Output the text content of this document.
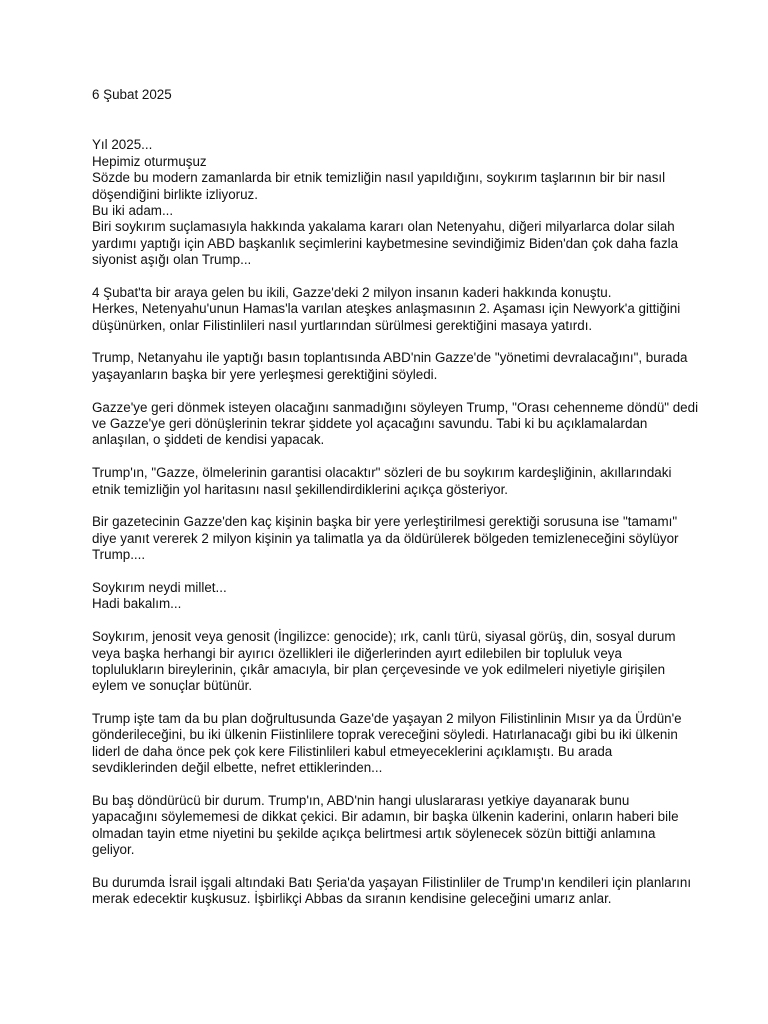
6 Şubat 2025
Yıl 2025...
Hepimiz oturmuşuz
Sözde bu modern zamanlarda bir etnik temizliğin nasıl yapıldığını, soykırım taşlarının bir bir nasıl
döşendiğini birlikte izliyoruz.
Bu iki adam...
Biri soykırım suçlamasıyla hakkında yakalama kararı olan Netenyahu, diğeri milyarlarca dolar silah
yardımı yaptığı için ABD başkanlık seçimlerini kaybetmesine sevindiğimiz Biden'dan çok daha fazla
siyonist aşığı olan Trump...
4 Şubat'ta bir araya gelen bu ikili, Gazze'deki 2 milyon insanın kaderi hakkında konuştu.
Herkes, Netenyahu'unun Hamas'la varılan ateşkes anlaşmasının 2. Aşaması için Newyork'a gittiğini
düşünürken, onlar Filistinlileri nasıl yurtlarından sürülmesi gerektiğini masaya yatırdı.
Trump, Netanyahu ile yaptığı basın toplantısında ABD'nin Gazze'de "yönetimi devralacağını", burada
yaşayanların başka bir yere yerleşmesi gerektiğini söyledi.
Gazze'ye geri dönmek isteyen olacağını sanmadığını söyleyen Trump, "Orası cehenneme döndü" dedi
ve Gazze'ye geri dönüşlerinin tekrar şiddete yol açacağını savundu. Tabi ki bu açıklamalardan
anlaşılan, o şiddeti de kendisi yapacak.
Trump'ın, "Gazze, ölmelerinin garantisi olacaktır" sözleri de bu soykırım kardeşliğinin, akıllarındaki
etnik temizliğin yol haritasını nasıl şekillendirdiklerini açıkça gösteriyor.
Bir gazetecinin Gazze'den kaç kişinin başka bir yere yerleştirilmesi gerektiği sorusuna ise "tamamı"
diye yanıt vererek 2 milyon kişinin ya talimatla ya da öldürülerek bölgeden temizleneceğini söylüyor
Trump....
Soykırım neydi millet...
Hadi bakalım...
Soykırım, jenosit veya genosit (İngilizce: genocide); ırk, canlı türü, siyasal görüş, din, sosyal durum
veya başka herhangi bir ayırıcı özellikleri ile diğerlerinden ayırt edilebilen bir topluluk veya
toplulukların bireylerinin, çıkâr amacıyla, bir plan çerçevesinde ve yok edilmeleri niyetiyle girişilen
eylem ve sonuçlar bütünür.
Trump işte tam da bu plan doğrultusunda Gaze'de yaşayan 2 milyon Filistinlinin Mısır ya da Ürdün'e
gönderileceğini, bu iki ülkenin Fiistinlilere toprak vereceğini söyledi. Hatırlanacağı gibi bu iki ülkenin
liderl de daha önce pek çok kere Filistinlileri kabul etmeyeceklerini açıklamıştı. Bu arada
sevdiklerinden değil elbette, nefret ettiklerinden...
Bu baş döndürücü bir durum. Trump'ın, ABD'nin hangi uluslararası yetkiye dayanarak bunu
yapacağını söylememesi de dikkat çekici. Bir adamın, bir başka ülkenin kaderini, onların haberi bile
olmadan tayin etme niyetini bu şekilde açıkça belirtmesi artık söylenecek sözün bittiği anlamına
geliyor.
Bu durumda İsrail işgali altındaki Batı Şeria'da yaşayan Filistinliler de Trump'ın kendileri için planlarını
merak edecektir kuşkusuz. İşbirlikçi Abbas da sıranın kendisine geleceğini umarız anlar.
